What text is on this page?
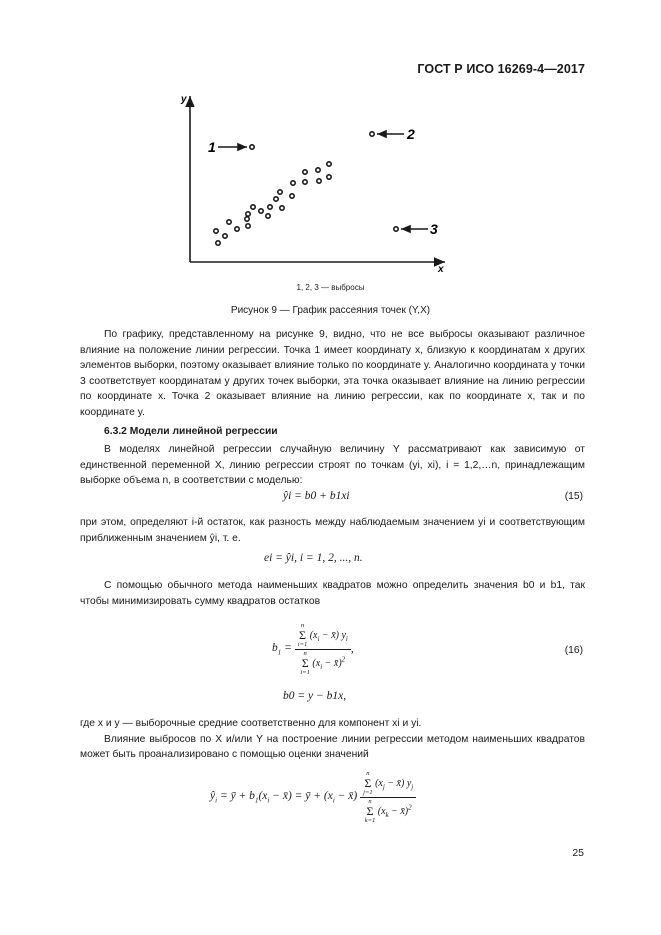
ГОСТ Р ИСО 16269-4—2017
y
x
1
2
3
1, 2, 3 — выбросы
Рисунок 9 — График рассеяния точек (Y,X)

По графику, представленному на рисунке 9, видно, что не все выбросы оказывают различное влияние на положение линии регрессии. Точка 1 имеет координату x, близкую к координатам x других элементов выборки, поэтому оказывает влияние только по координате y. Аналогично координата y точки 3 соответствует координатам y других точек выборки, эта точка оказывает влияние на линию регрессии по координате x. Точка 2 оказывает влияние на линию регрессии, как по координате x, так и по координате y.

6.3.2 Модели линейной регрессии

В моделях линейной регрессии случайную величину Y рассматривают как зависимую от единственной переменной X, линию регрессии строят по точкам (yi, xi), i = 1,2,…n, принадлежащим выборке объема n, в соответствии с моделью:

ŷi = b0 + b1xi	(15)

при этом, определяют i-й остаток, как разность между наблюдаемым значением yi и соответствующим приближенным значением ŷi, т. е.

ei = ŷi, i = 1, 2, ..., n.

С помощью обычного метода наименьших квадратов можно определить значения b0 и b1, так чтобы минимизировать сумму квадратов остатков

$b_1 = n$
Σ
i=1
($x_i$ − x̄) $y_i$
n
Σ
i=1
($x_i$ − x̄)$^2$ ,	(16)
b0 = y − b1x,

где x и y — выборочные средние соответственно для компонент xi и yi.

Влияние выбросов по X и/или Y на построение линии регрессии методом наименьших квадратов может быть проанализировано с помощью оценки значений

$ŷ_i$ = ȳ + $b_1(x_i$ − x̄) = ȳ + ($x_i$ − x̄) n
Σ
j=1
($x_j$ − x̄) $y_j$
n
Σ
k=1
($x_k$ − x̄)$^2$
25
